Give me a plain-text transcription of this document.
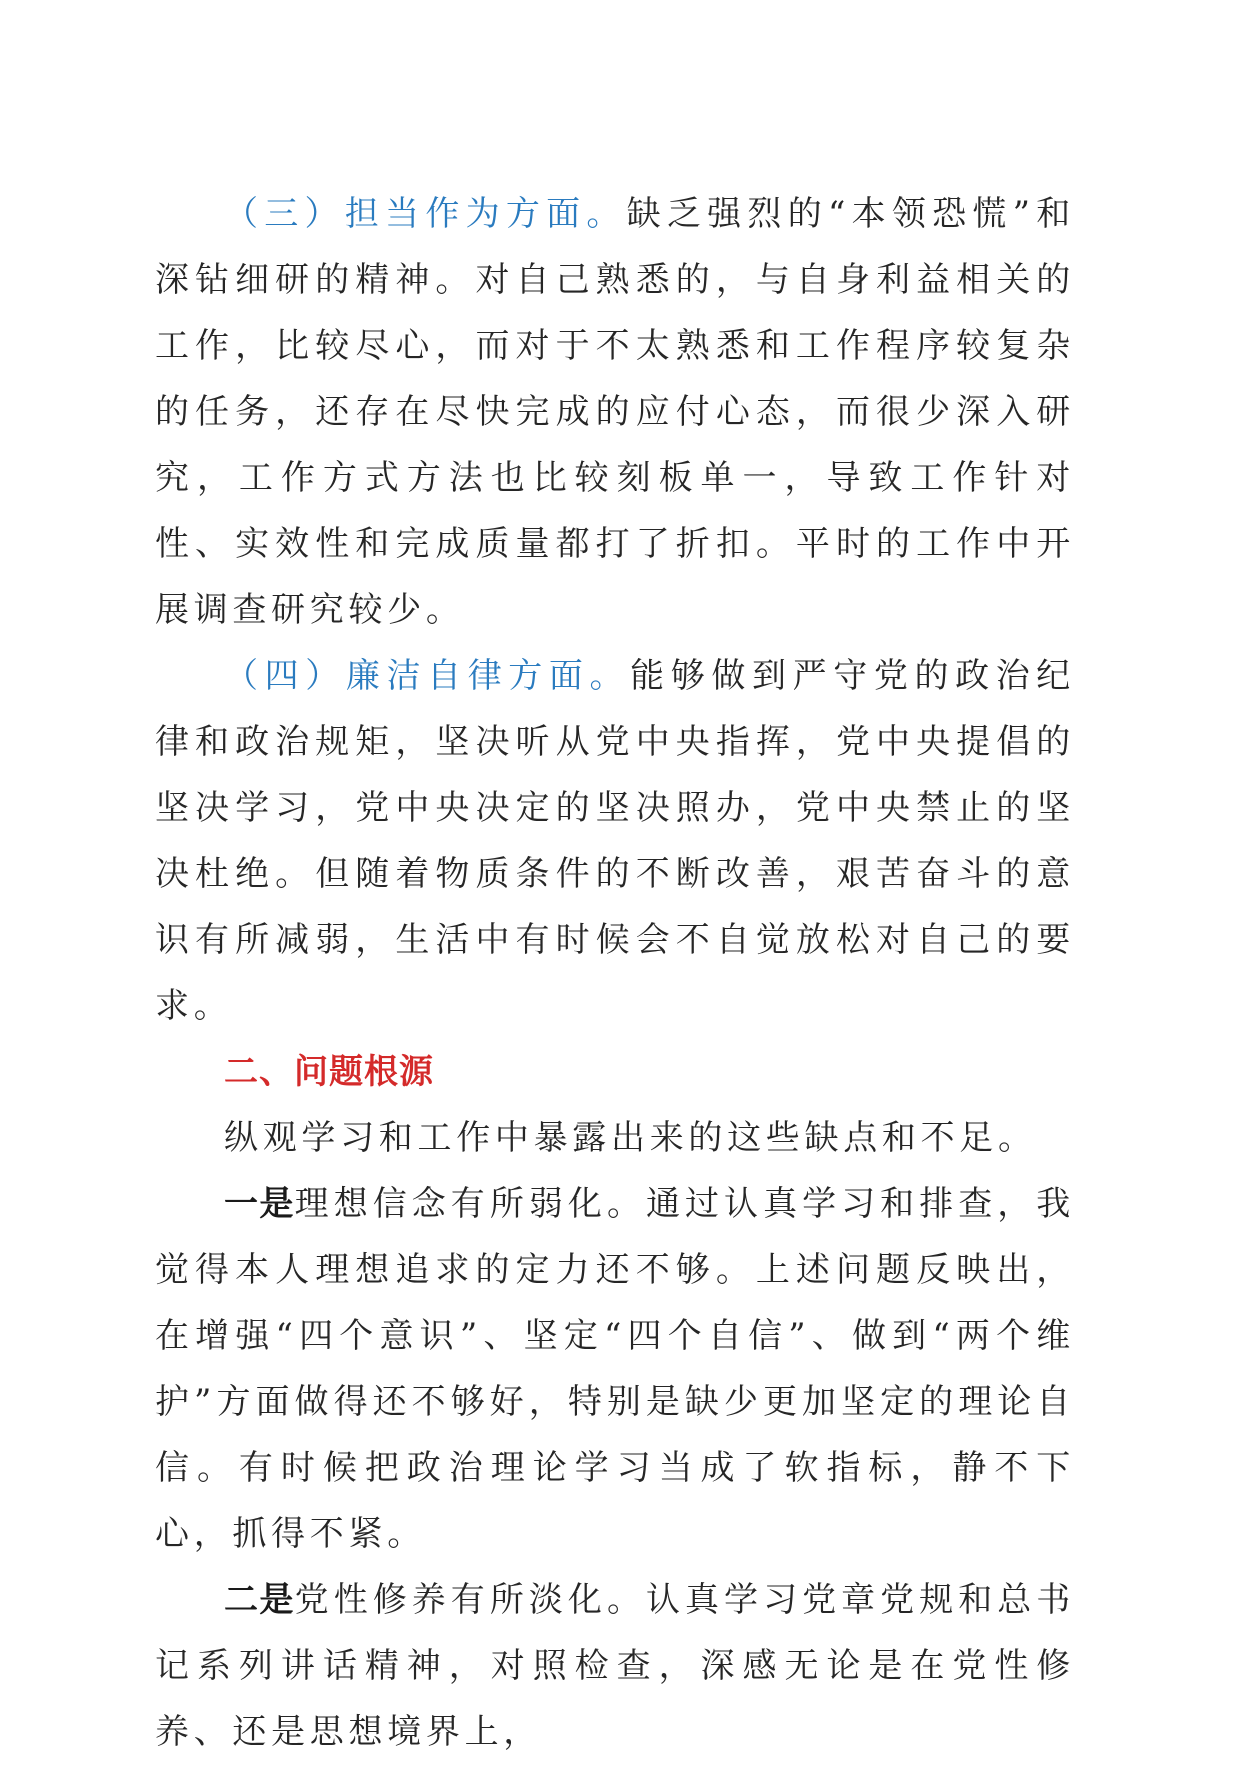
（三）担当作为方面。缺乏强烈的“本领恐慌”和深钻细研的精神。对自己熟悉的，与自身利益相关的工作，比较尽心，而对于不太熟悉和工作程序较复杂的任务，还存在尽快完成的应付心态，而很少深入研究，工作方式方法也比较刻板单一，导致工作针对性、实效性和完成质量都打了折扣。平时的工作中开展调查研究较少。

（四）廉洁自律方面。能够做到严守党的政治纪律和政治规矩，坚决听从党中央指挥，党中央提倡的坚决学习，党中央决定的坚决照办，党中央禁止的坚决杜绝。但随着物质条件的不断改善，艰苦奋斗的意识有所减弱，生活中有时候会不自觉放松对自己的要求。

二、问题根源

纵观学习和工作中暴露出来的这些缺点和不足。

一是理想信念有所弱化。通过认真学习和排查，我觉得本人理想追求的定力还不够。上述问题反映出，在增强“四个意识”、坚定“四个自信”、做到“两个维护”方面做得还不够好，特别是缺少更加坚定的理论自信。有时候把政治理论学习当成了软指标，静不下心，抓得不紧。

二是党性修养有所淡化。认真学习党章党规和总书记系列讲话精神，对照检查，深感无论是在党性修养、还是思想境界上，
